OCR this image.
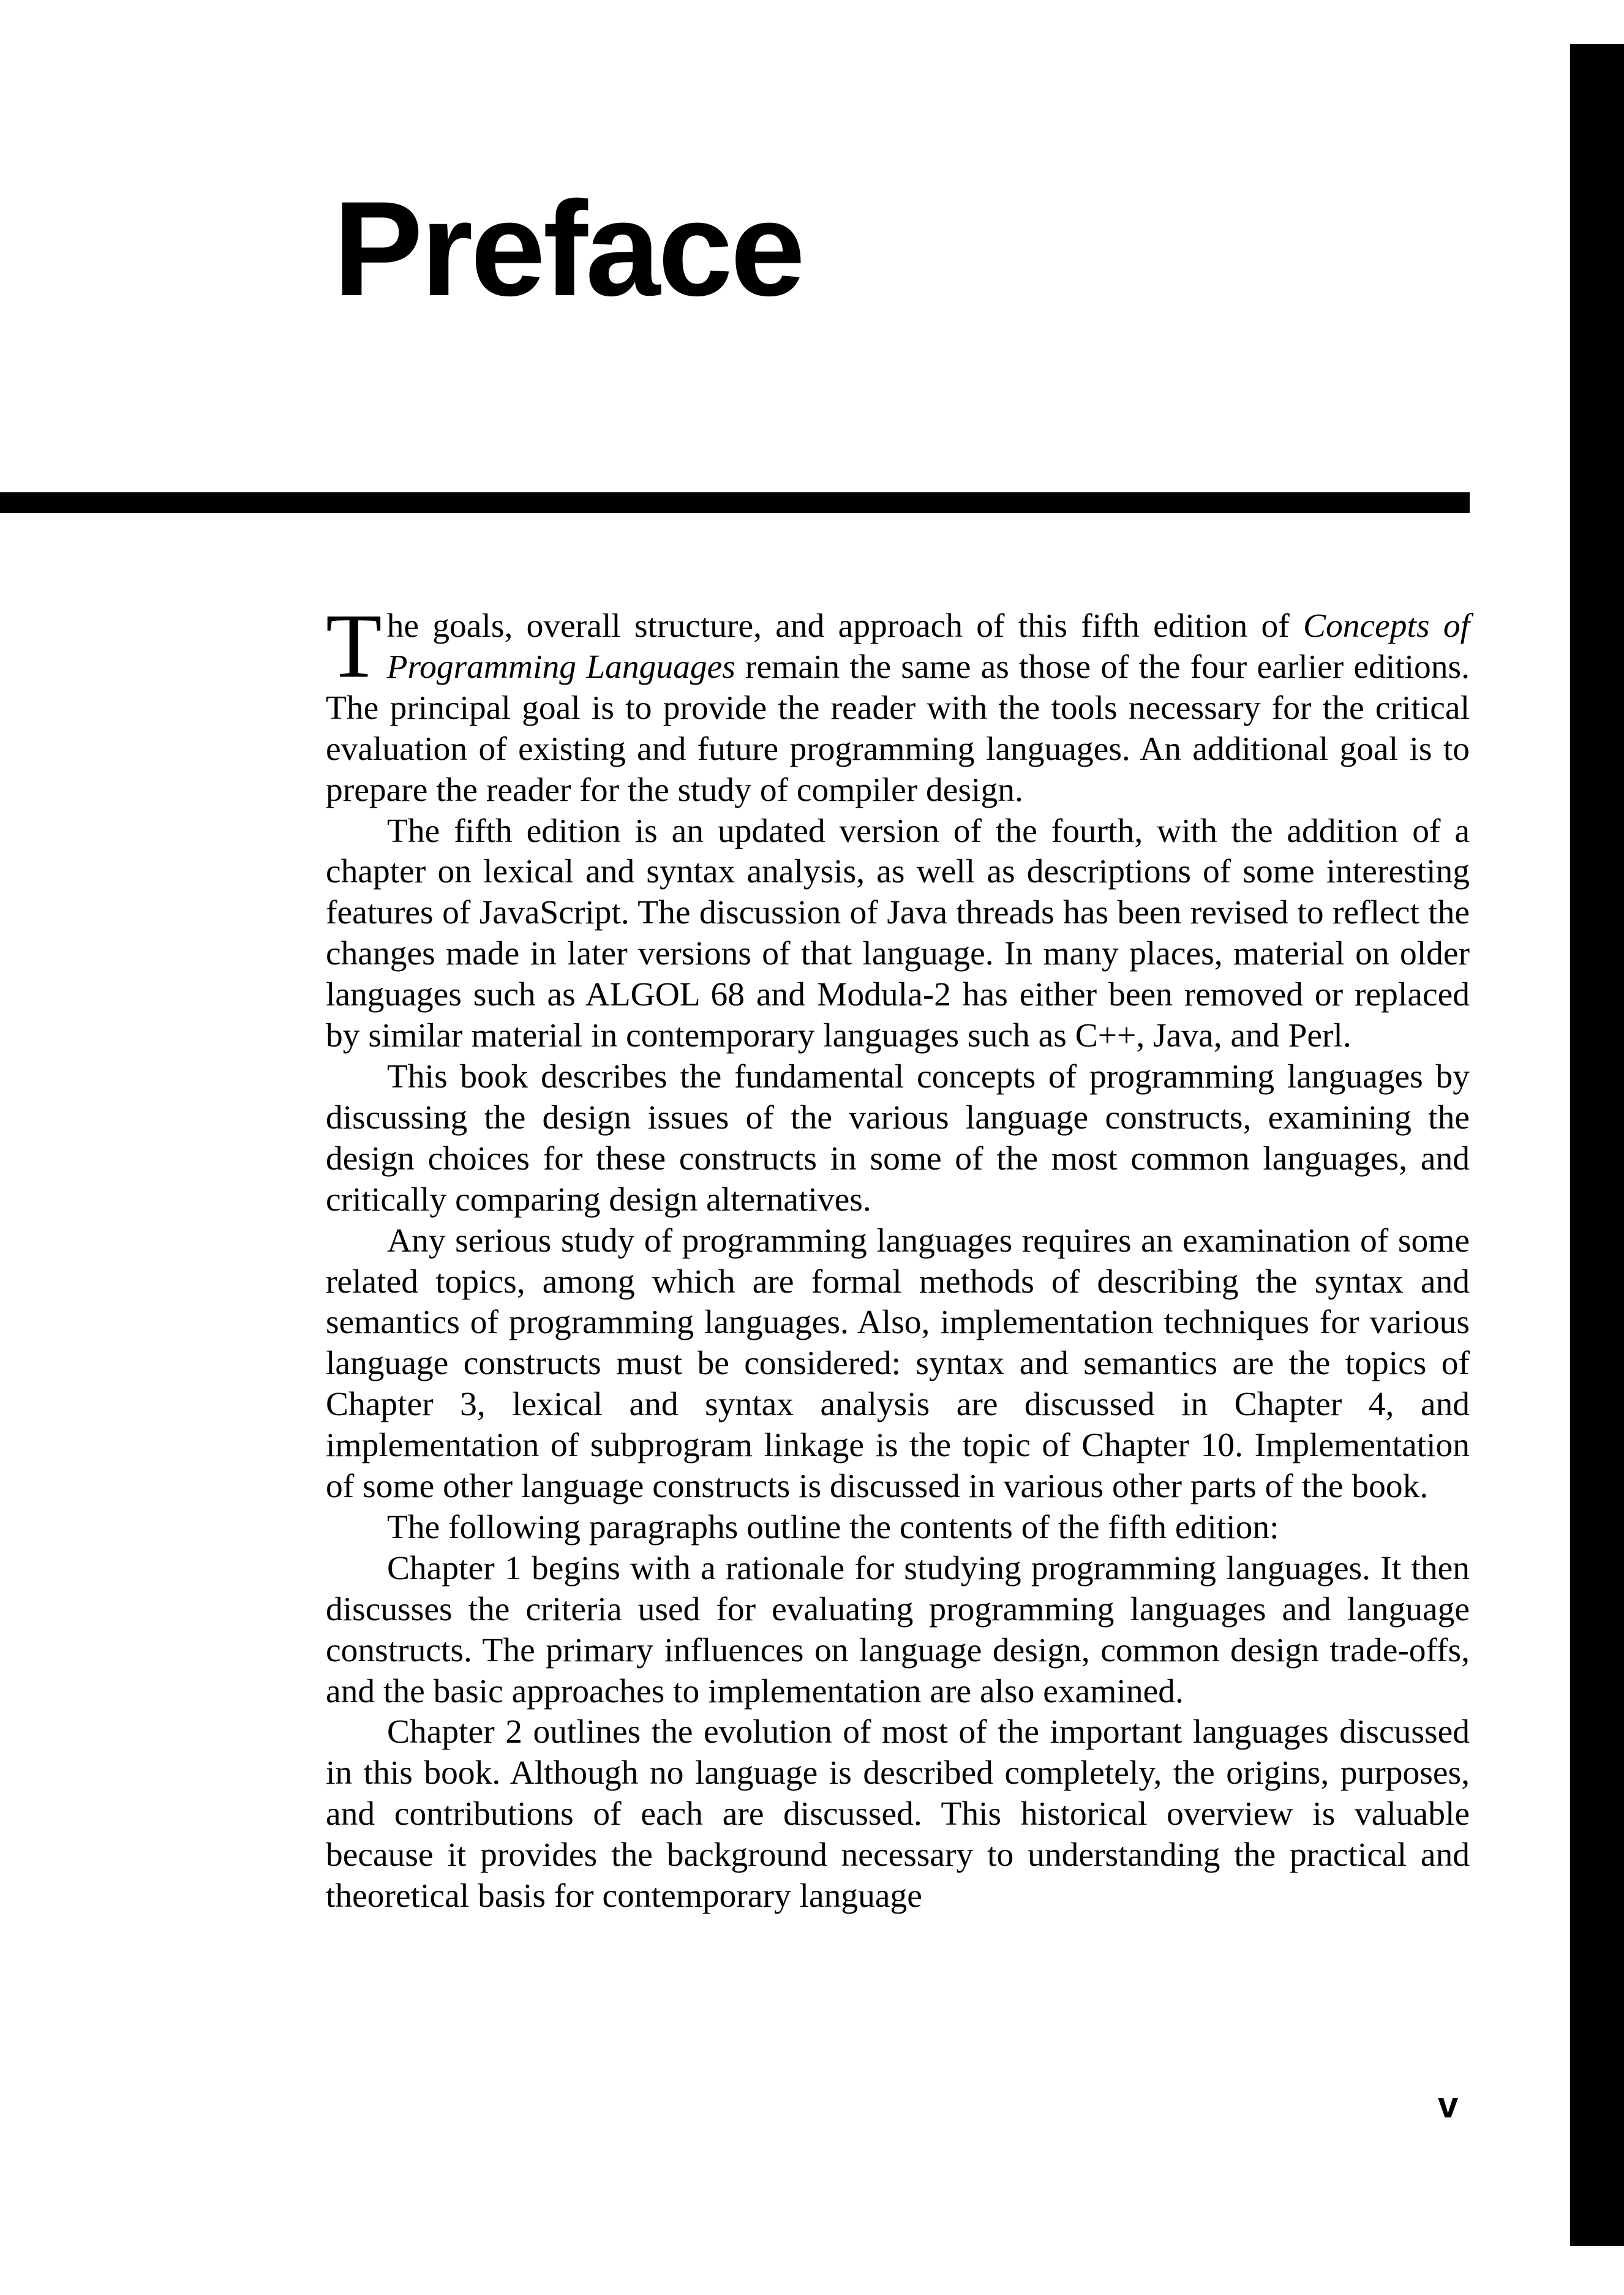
Preface

The goals, overall structure, and approach of this fifth edition of Concepts of Programming Languages remain the same as those of the four earlier editions. The principal goal is to provide the reader with the tools necessary for the critical evaluation of existing and future programming languages. An additional goal is to prepare the reader for the study of compiler design.

The fifth edition is an updated version of the fourth, with the addition of a chapter on lexical and syntax analysis, as well as descriptions of some interesting features of JavaScript. The discussion of Java threads has been revised to reflect the changes made in later versions of that language. In many places, material on older languages such as ALGOL 68 and Modula-2 has either been removed or replaced by similar material in contemporary languages such as C++, Java, and Perl.

This book describes the fundamental concepts of programming languages by discussing the design issues of the various language constructs, examining the design choices for these constructs in some of the most common languages, and critically comparing design alternatives.

Any serious study of programming languages requires an examination of some related topics, among which are formal methods of describing the syntax and semantics of programming languages. Also, implementation techniques for various language constructs must be considered: syntax and semantics are the topics of Chapter 3, lexical and syntax analysis are discussed in Chapter 4, and implementation of subprogram linkage is the topic of Chapter 10. Implementation of some other language constructs is discussed in various other parts of the book.

The following paragraphs outline the contents of the fifth edition:

Chapter 1 begins with a rationale for studying programming languages. It then discusses the criteria used for evaluating programming languages and language constructs. The primary influences on language design, common design trade-offs, and the basic approaches to implementation are also examined.

Chapter 2 outlines the evolution of most of the important languages discussed in this book. Although no language is described completely, the origins, purposes, and contributions of each are discussed. This historical overview is valuable because it provides the background necessary to understanding the practical and theoretical basis for contemporary language

v
